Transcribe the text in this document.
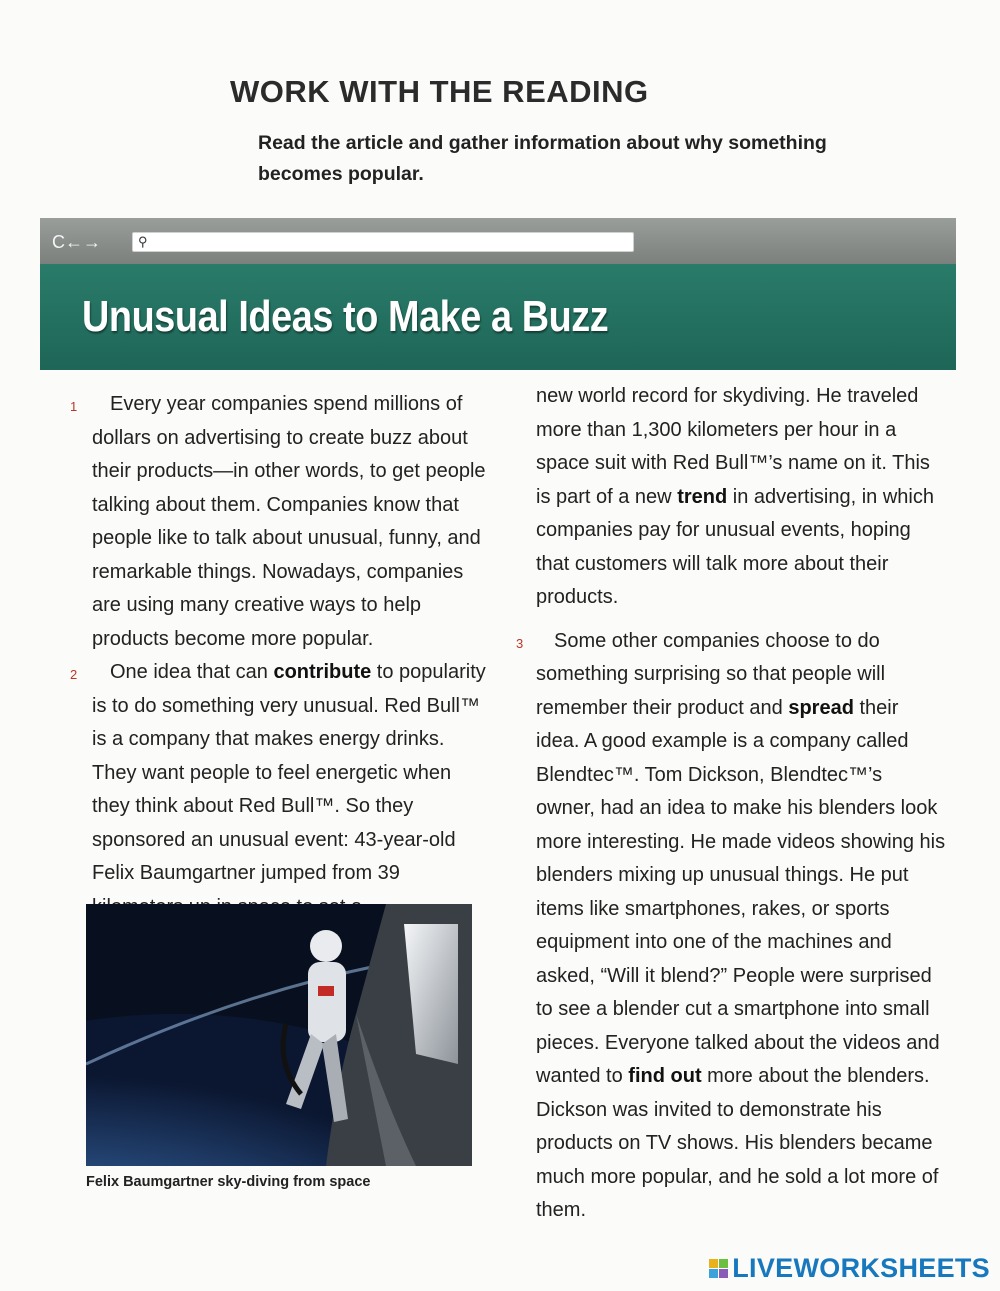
WORK WITH THE READING

Read the article and gather information about why something becomes popular.

C←→	⚲
Unusual Ideas to Make a Buzz
1	Every year companies spend millions of dollars on advertising to create buzz about their products—in other words, to get people talking about them. Companies know that people like to talk about unusual, funny, and remarkable things. Nowadays, companies are using many creative ways to help products become more popular.

2	One idea that can contribute to popularity is to do something very unusual. Red Bull™ is a company that makes energy drinks. They want people to feel energetic when they think about Red Bull™. So they sponsored an unusual event: 43-year-old Felix Baumgartner jumped from 39

Felix Baumgartner sky-diving from space

new world record for skydiving. He traveled more than 1,300 kilometers per hour in a space suit with Red Bull™’s name on it. This is part of a new trend in advertising, in which companies pay for unusual events, hoping that customers will talk more about their products.

3	Some other companies choose to do something surprising so that people will remember their product and spread their idea. A good example is a company called Blendtec™. Tom Dickson, Blendtec™’s owner, had an idea to make his blenders look more interesting. He made videos showing his blenders mixing up unusual things. He put items like smartphones, rakes, or sports equipment into one of the machines and asked, “Will it blend?” People were surprised to see a blender cut a smartphone into small pieces. Everyone talked about the videos and wanted to find out more about the blenders. Dickson was invited to demonstrate his products on TV shows. His blenders became much more popular, and he sold a lot more of them.

LIVEWORKSHEETS
